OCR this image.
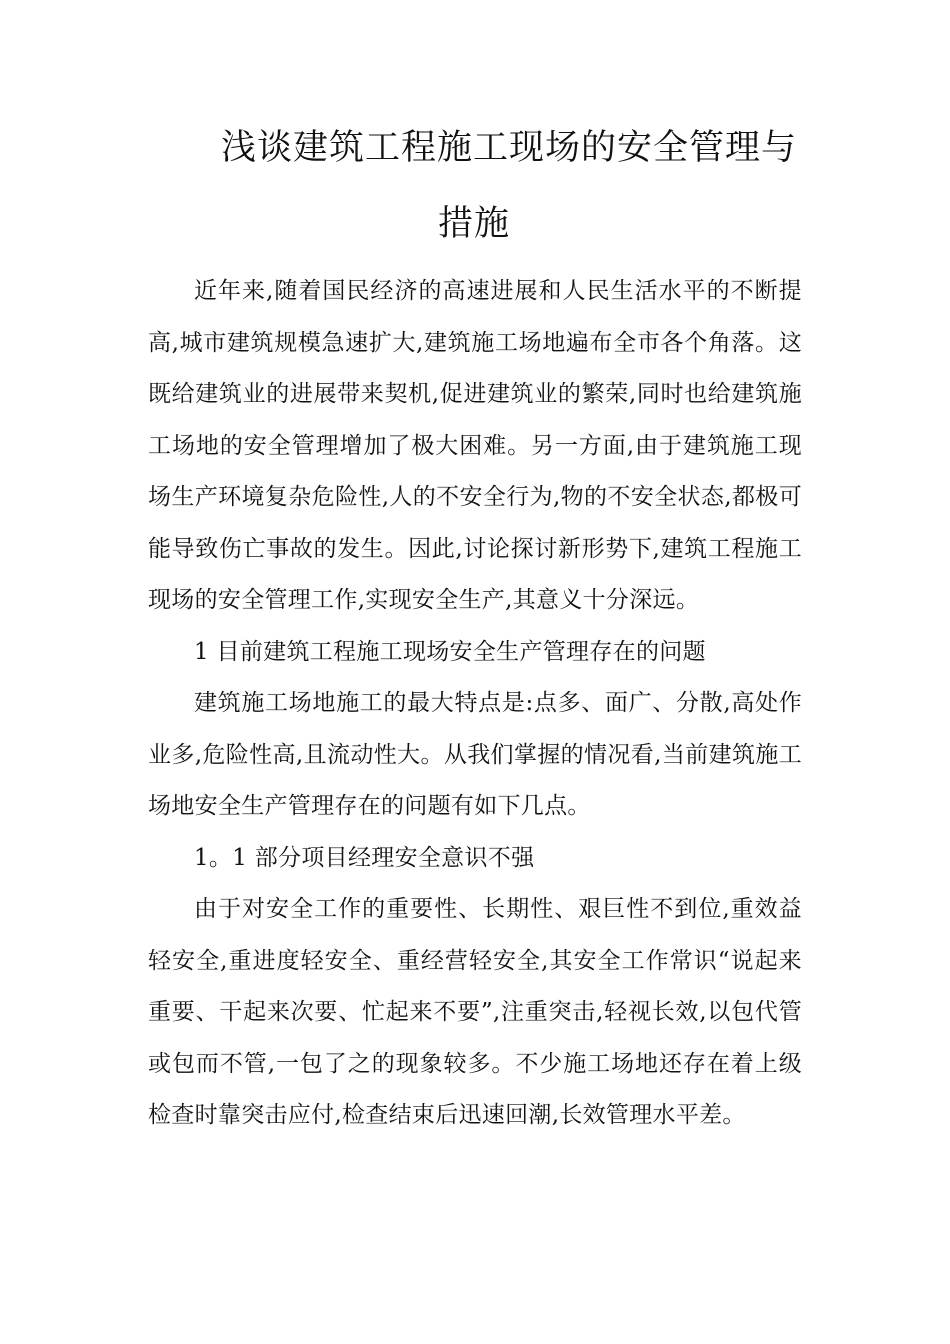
浅谈建筑工程施工现场的安全管理与措施

近年来,随着国民经济的高速进展和人民生活水平的不断提高,城市建筑规模急速扩大,建筑施工场地遍布全市各个角落。这既给建筑业的进展带来契机,促进建筑业的繁荣,同时也给建筑施工场地的安全管理增加了极大困难。另一方面,由于建筑施工现场生产环境复杂危险性,人的不安全行为,物的不安全状态,都极可能导致伤亡事故的发生。因此,讨论探讨新形势下,建筑工程施工现场的安全管理工作,实现安全生产,其意义十分深远。

1 目前建筑工程施工现场安全生产管理存在的问题

建筑施工场地施工的最大特点是:点多、面广、分散,高处作业多,危险性高,且流动性大。从我们掌握的情况看,当前建筑施工场地安全生产管理存在的问题有如下几点。

1。1 部分项目经理安全意识不强

由于对安全工作的重要性、长期性、艰巨性不到位,重效益轻安全,重进度轻安全、重经营轻安全,其安全工作常识“说起来重要、干起来次要、忙起来不要”,注重突击,轻视长效,以包代管或包而不管,一包了之的现象较多。不少施工场地还存在着上级检查时靠突击应付,检查结束后迅速回潮,长效管理水平差。
